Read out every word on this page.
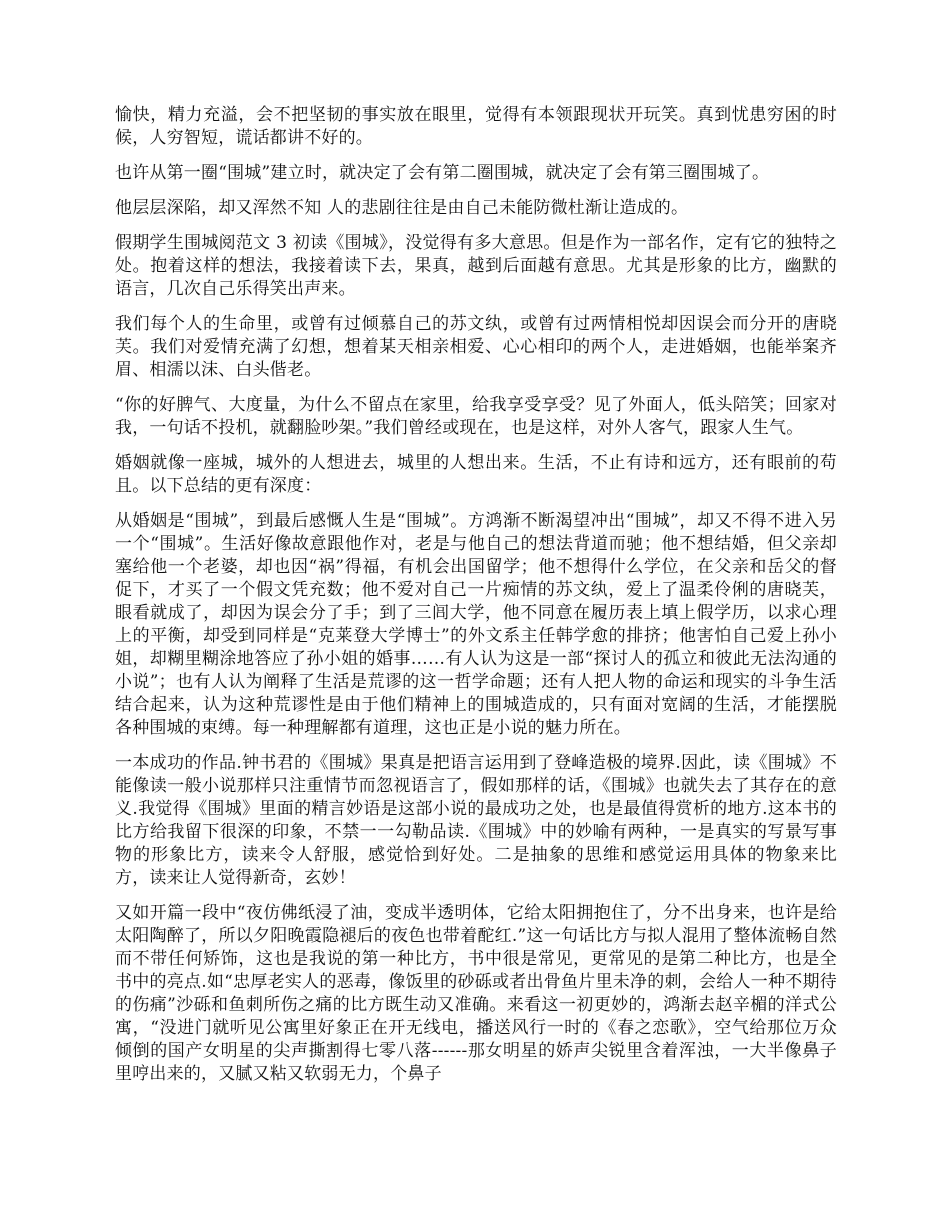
愉快，精力充溢，会不把坚韧的事实放在眼里，觉得有本领跟现状开玩笑。真到忧患穷困的时候，人穷智短，谎话都讲不好的。

也许从第一圈“围城”建立时，就决定了会有第二圈围城，就决定了会有第三圈围城了。

他层层深陷，却又浑然不知 人的悲剧往往是由自己未能防微杜渐让造成的。

假期学生围城阅范文 3 初读《围城》，没觉得有多大意思。但是作为一部名作，定有它的独特之处。抱着这样的想法，我接着读下去，果真，越到后面越有意思。尤其是形象的比方，幽默的语言，几次自己乐得笑出声来。

我们每个人的生命里，或曾有过倾慕自己的苏文纨，或曾有过两情相悦却因误会而分开的唐晓芙。我们对爱情充满了幻想，想着某天相亲相爱、心心相印的两个人，走进婚姻，也能举案齐眉、相濡以沫、白头偕老。

“你的好脾气、大度量，为什么不留点在家里，给我享受享受？见了外面人，低头陪笑；回家对我，一句话不投机，就翻脸吵架。”我们曾经或现在，也是这样，对外人客气，跟家人生气。

婚姻就像一座城，城外的人想进去，城里的人想出来。生活，不止有诗和远方，还有眼前的苟且。以下总结的更有深度：

从婚姻是“围城”，到最后感慨人生是“围城”。方鸿渐不断渴望冲出“围城”，却又不得不进入另一个“围城”。生活好像故意跟他作对，老是与他自己的想法背道而驰；他不想结婚，但父亲却塞给他一个老婆，却也因“祸”得福，有机会出国留学；他不想得什么学位，在父亲和岳父的督促下，才买了一个假文凭充数；他不爱对自己一片痴情的苏文纨，爱上了温柔伶俐的唐晓芙，眼看就成了，却因为误会分了手；到了三闾大学，他不同意在履历表上填上假学历，以求心理上的平衡，却受到同样是“克莱登大学博士”的外文系主任韩学愈的排挤；他害怕自己爱上孙小姐，却糊里糊涂地答应了孙小姐的婚事……有人认为这是一部“探讨人的孤立和彼此无法沟通的小说”；也有人认为阐释了生活是荒谬的这一哲学命题；还有人把人物的命运和现实的斗争生活结合起来，认为这种荒谬性是由于他们精神上的围城造成的，只有面对宽阔的生活，才能摆脱各种围城的束缚。每一种理解都有道理，这也正是小说的魅力所在。

一本成功的作品.钟书君的《围城》果真是把语言运用到了登峰造极的境界.因此，读《围城》不能像读一般小说那样只注重情节而忽视语言了，假如那样的话，《围城》也就失去了其存在的意义.我觉得《围城》里面的精言妙语是这部小说的最成功之处，也是最值得赏析的地方.这本书的比方给我留下很深的印象，不禁一一勾勒品读.《围城》中的妙喻有两种，一是真实的写景写事物的形象比方，读来令人舒服，感觉恰到好处。二是抽象的思维和感觉运用具体的物象来比方，读来让人觉得新奇，玄妙！

又如开篇一段中“夜仿佛纸浸了油，变成半透明体，它给太阳拥抱住了，分不出身来，也许是给太阳陶醉了，所以夕阳晚霞隐褪后的夜色也带着酡红.”这一句话比方与拟人混用了整体流畅自然而不带任何矫饰，这也是我说的第一种比方，书中很是常见，更常见的是第二种比方，也是全书中的亮点.如“忠厚老实人的恶毒，像饭里的砂砾或者出骨鱼片里未净的刺，会给人一种不期待的伤痛”沙砾和鱼刺所伤之痛的比方既生动又准确。来看这一初更妙的，鸿渐去赵辛楣的洋式公寓，“没进门就听见公寓里好象正在开无线电，播送风行一时的《春之恋歌》，空气给那位万众倾倒的国产女明星的尖声撕割得七零八落------那女明星的娇声尖锐里含着浑浊，一大半像鼻子里哼出来的，又腻又粘又软弱无力，个鼻子
